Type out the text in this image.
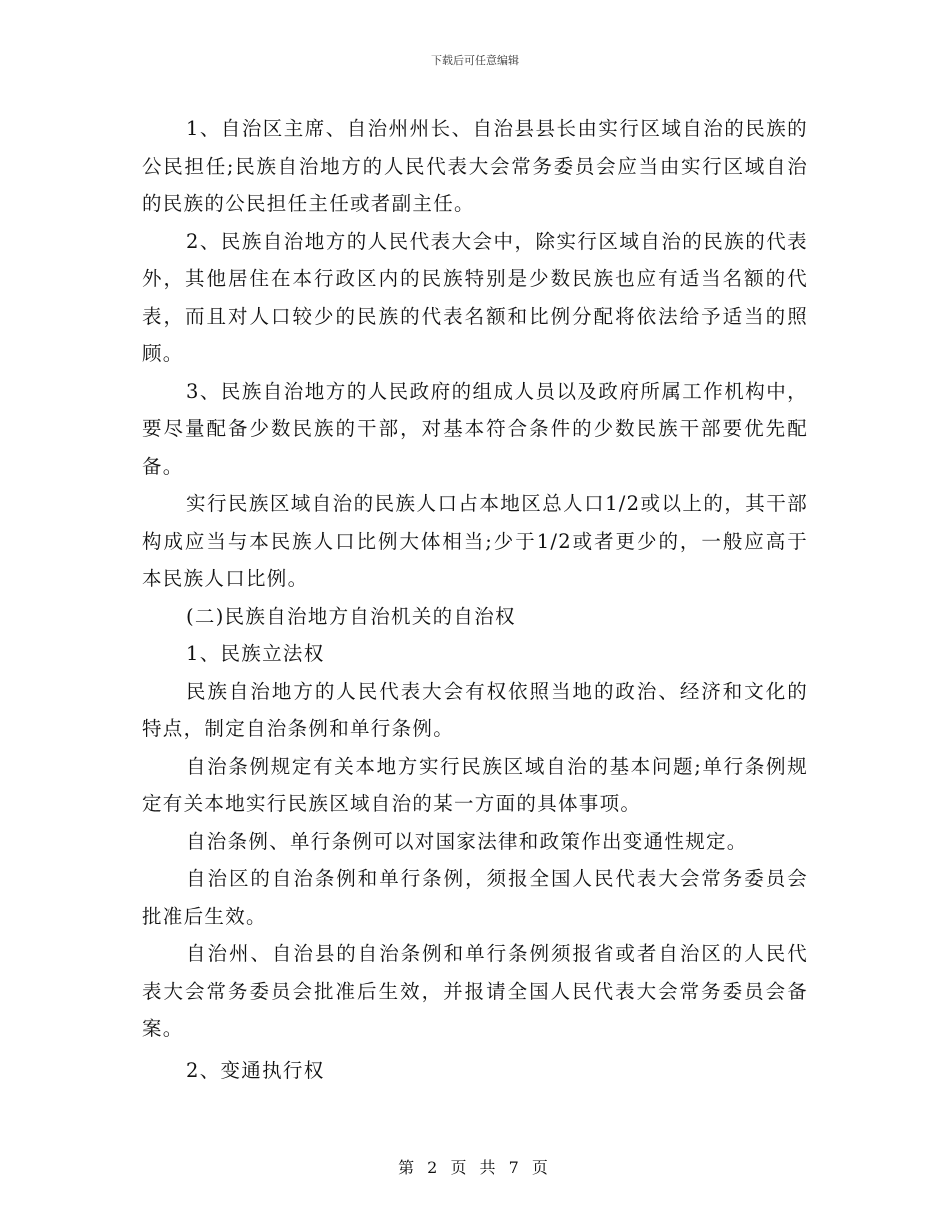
下载后可任意编辑

1、自治区主席、自治州州长、自治县县长由实行区域自治的民族的公民担任;民族自治地方的人民代表大会常务委员会应当由实行区域自治的民族的公民担任主任或者副主任。

2、民族自治地方的人民代表大会中，除实行区域自治的民族的代表外，其他居住在本行政区内的民族特别是少数民族也应有适当名额的代表，而且对人口较少的民族的代表名额和比例分配将依法给予适当的照顾。

3、民族自治地方的人民政府的组成人员以及政府所属工作机构中，要尽量配备少数民族的干部，对基本符合条件的少数民族干部要优先配备。

实行民族区域自治的民族人口占本地区总人口1/2或以上的，其干部构成应当与本民族人口比例大体相当;少于1/2或者更少的，一般应高于本民族人口比例。

(二)民族自治地方自治机关的自治权

1、民族立法权

民族自治地方的人民代表大会有权依照当地的政治、经济和文化的特点，制定自治条例和单行条例。

自治条例规定有关本地方实行民族区域自治的基本问题;单行条例规定有关本地实行民族区域自治的某一方面的具体事项。

自治条例、单行条例可以对国家法律和政策作出变通性规定。

自治区的自治条例和单行条例，须报全国人民代表大会常务委员会批准后生效。

自治州、自治县的自治条例和单行条例须报省或者自治区的人民代表大会常务委员会批准后生效，并报请全国人民代表大会常务委员会备案。

2、变通执行权

第 2 页 共 7 页
